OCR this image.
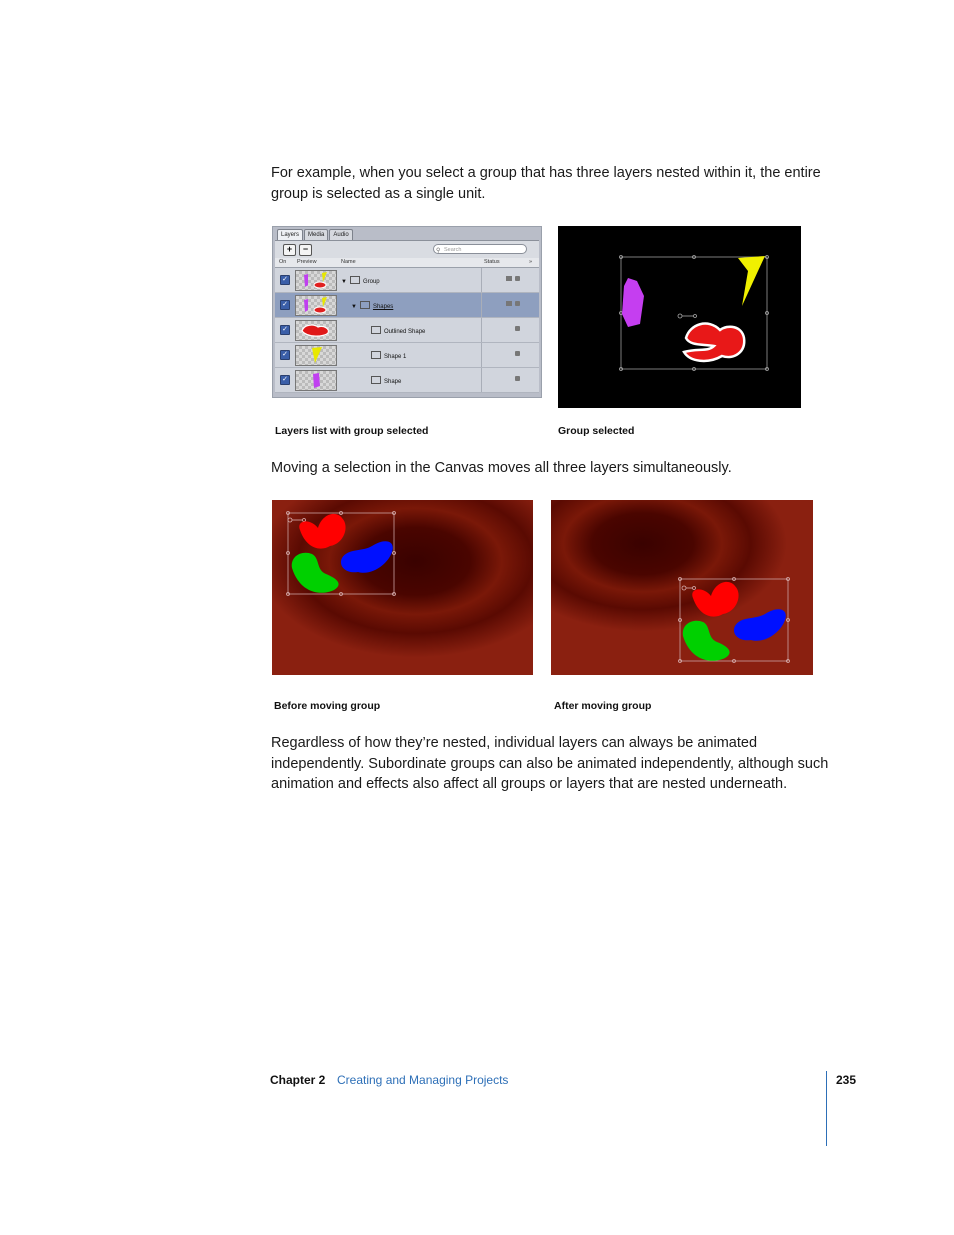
For example, when you select a group that has three layers nested within it, the entire group is selected as a single unit.

Layers	Media	Audio
+	−	⚲ Search
On Preview	Name	Status	»
✓	▼	Group
✓	▼	Shapes
✓	Outlined Shape
✓	Shape 1
✓	Shape
Layers list with group selected	Group selected

Moving a selection in the Canvas moves all three layers simultaneously.

Before moving group	After moving group

Regardless of how they’re nested, individual layers can always be animated independently. Subordinate groups can also be animated independently, although such animation and effects also affect all groups or layers that are nested underneath.

Chapter 2 Creating and Managing Projects	235
